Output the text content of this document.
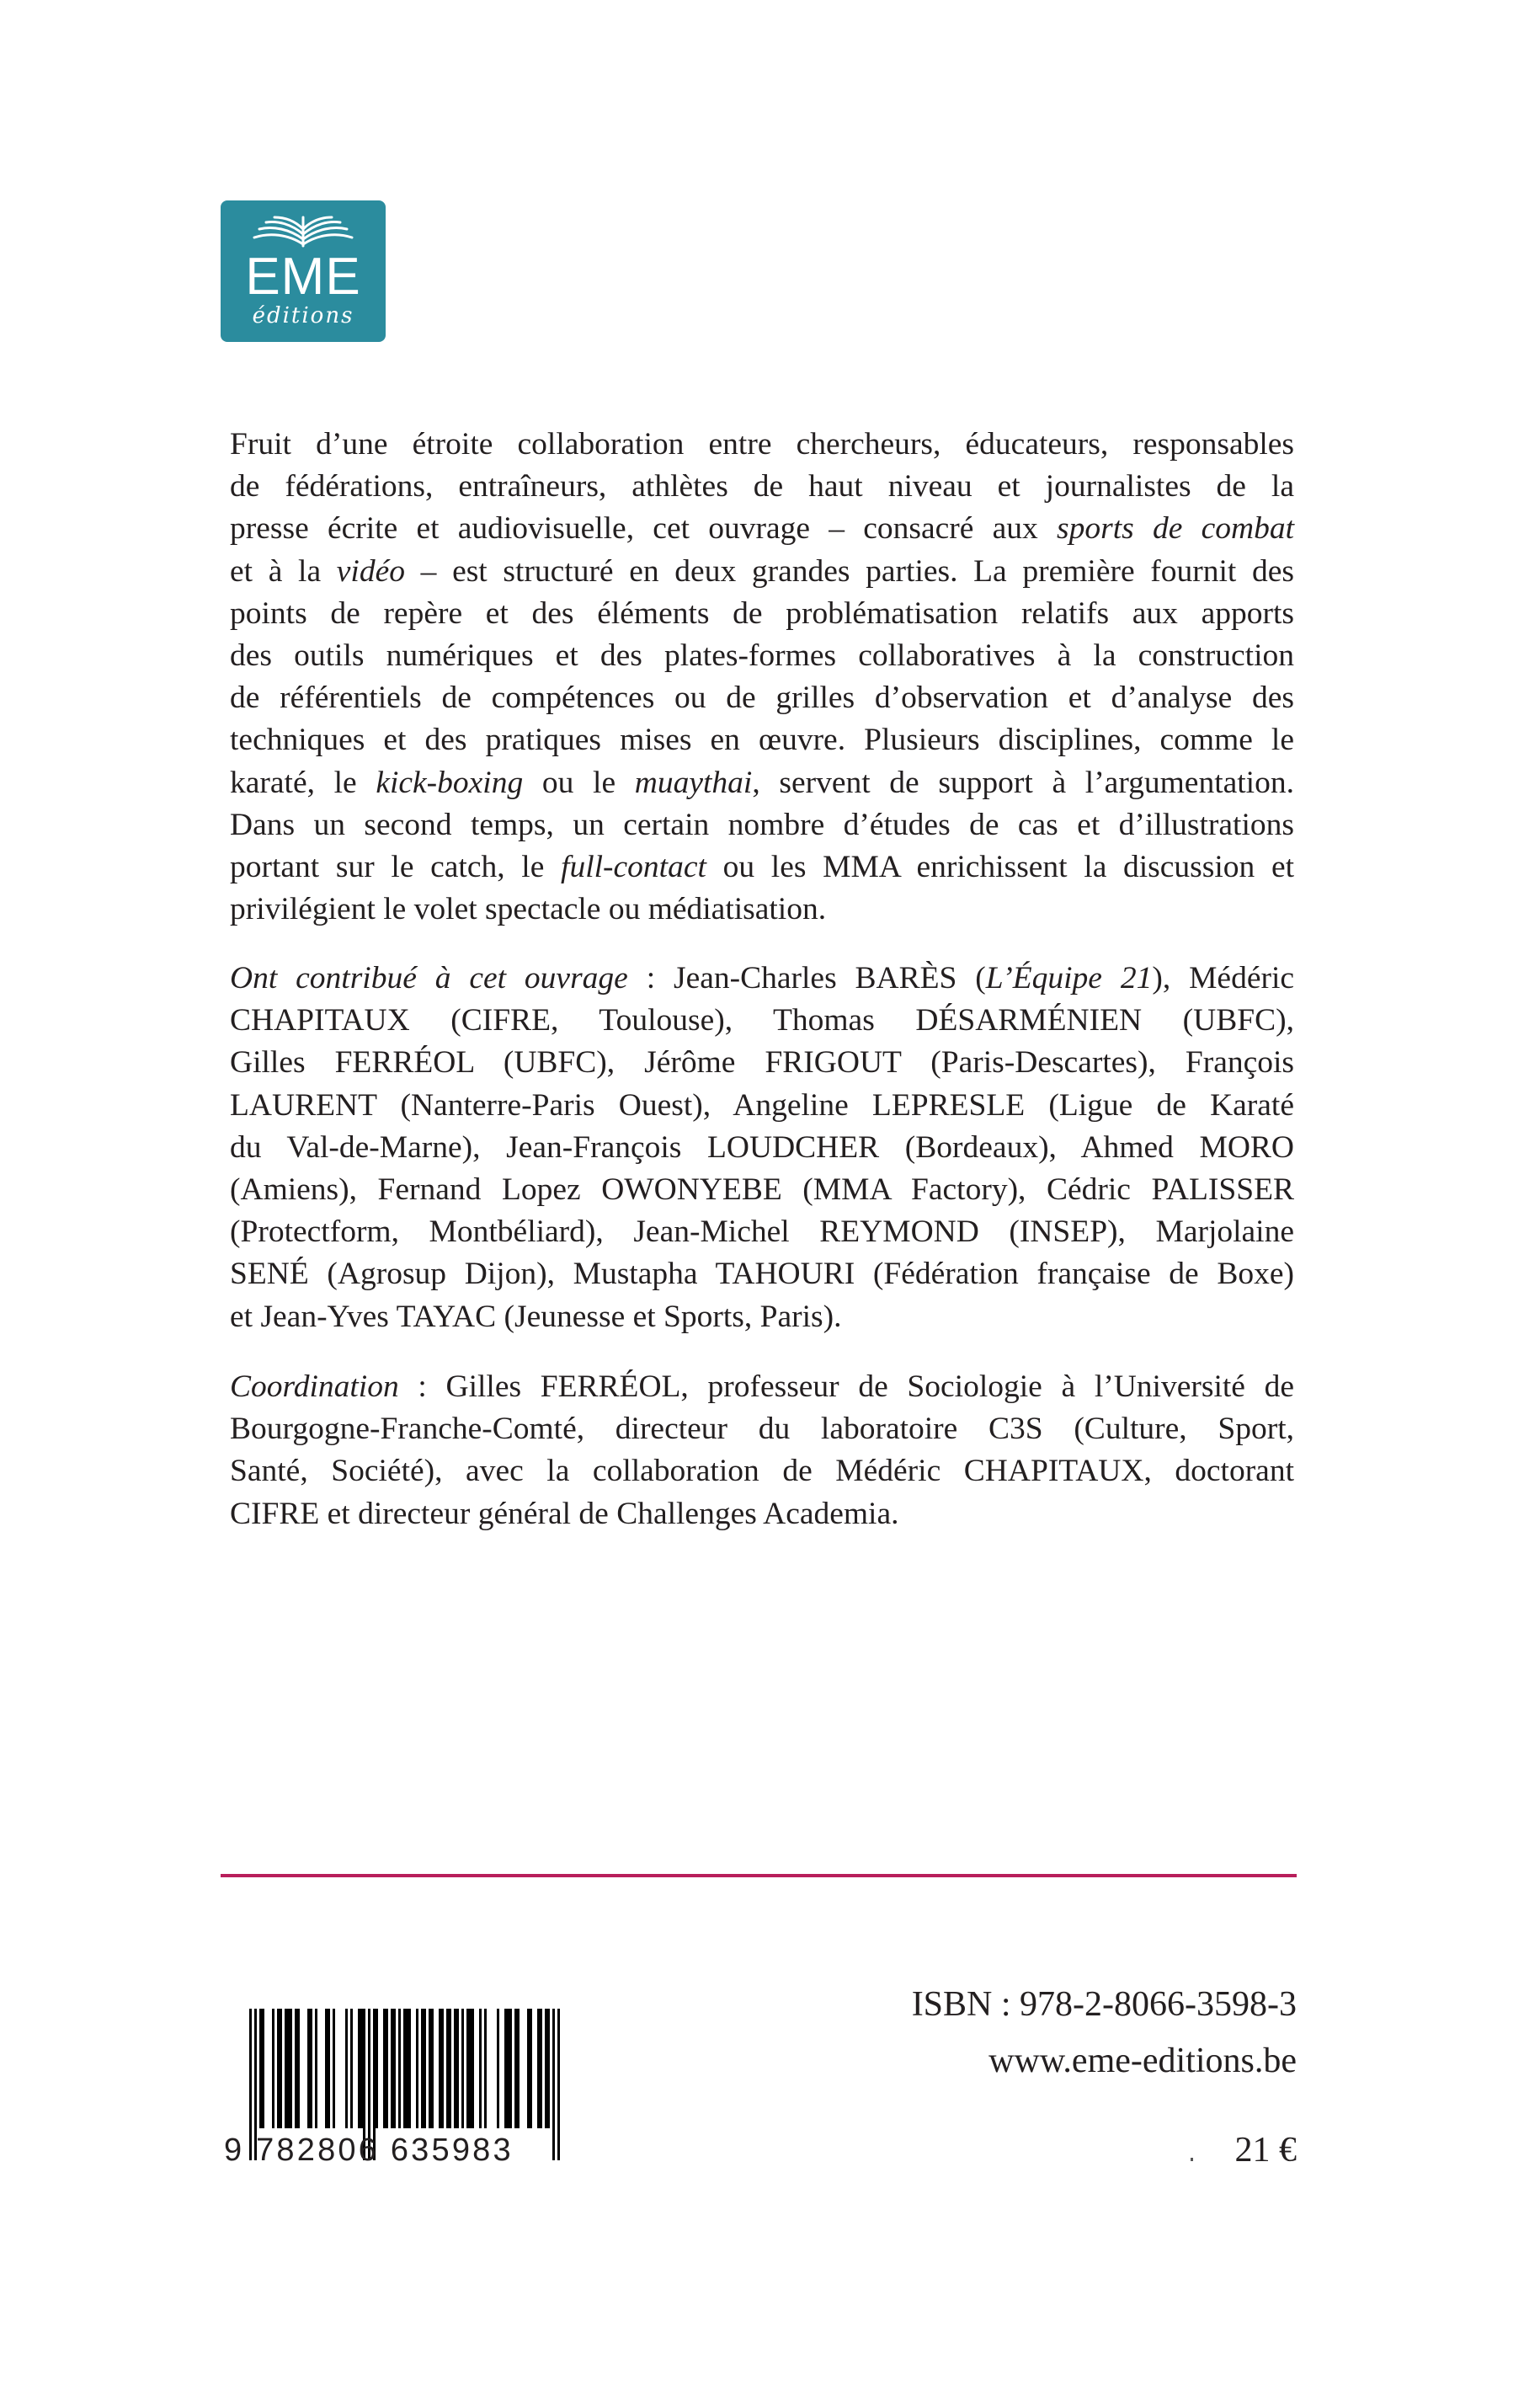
EME
éditions
Fruit d’une étroite collaboration entre chercheurs, éducateurs, responsables
de fédérations, entraîneurs, athlètes de haut niveau et journalistes de la
presse écrite et audiovisuelle, cet ouvrage – consacré aux sports de combat
et à la vidéo – est structuré en deux grandes parties. La première fournit des
points de repère et des éléments de problématisation relatifs aux apports
des outils numériques et des plates-formes collaboratives à la construction
de référentiels de compétences ou de grilles d’observation et d’analyse des
techniques et des pratiques mises en œuvre. Plusieurs disciplines, comme le
karaté, le kick-boxing ou le muaythai, servent de support à l’argumentation.
Dans un second temps, un certain nombre d’études de cas et d’illustrations
portant sur le catch, le full-contact ou les MMA enrichissent la discussion et
privilégient le volet spectacle ou médiatisation.
Ont contribué à cet ouvrage : Jean-Charles BARÈS (L’Équipe 21), Médéric
CHAPITAUX (CIFRE, Toulouse), Thomas DÉSARMÉNIEN (UBFC),
Gilles FERRÉOL (UBFC), Jérôme FRIGOUT (Paris-Descartes), François
LAURENT (Nanterre-Paris Ouest), Angeline LEPRESLE (Ligue de Karaté
du Val-de-Marne), Jean-François LOUDCHER (Bordeaux), Ahmed MORO
(Amiens), Fernand Lopez OWONYEBE (MMA Factory), Cédric PALISSER
(Protectform, Montbéliard), Jean-Michel REYMOND (INSEP), Marjolaine
SENÉ (Agrosup Dijon), Mustapha TAHOURI (Fédération française de Boxe)
et Jean-Yves TAYAC (Jeunesse et Sports, Paris).
Coordination : Gilles FERRÉOL, professeur de Sociologie à l’Université de
Bourgogne-Franche-Comté, directeur du laboratoire C3S (Culture, Sport,
Santé, Société), avec la collaboration de Médéric CHAPITAUX, doctorant
CIFRE et directeur général de Challenges Academia.
9 782806 635983
ISBN : 978-2-8066-3598-3
www.eme-editions.be
21 €
